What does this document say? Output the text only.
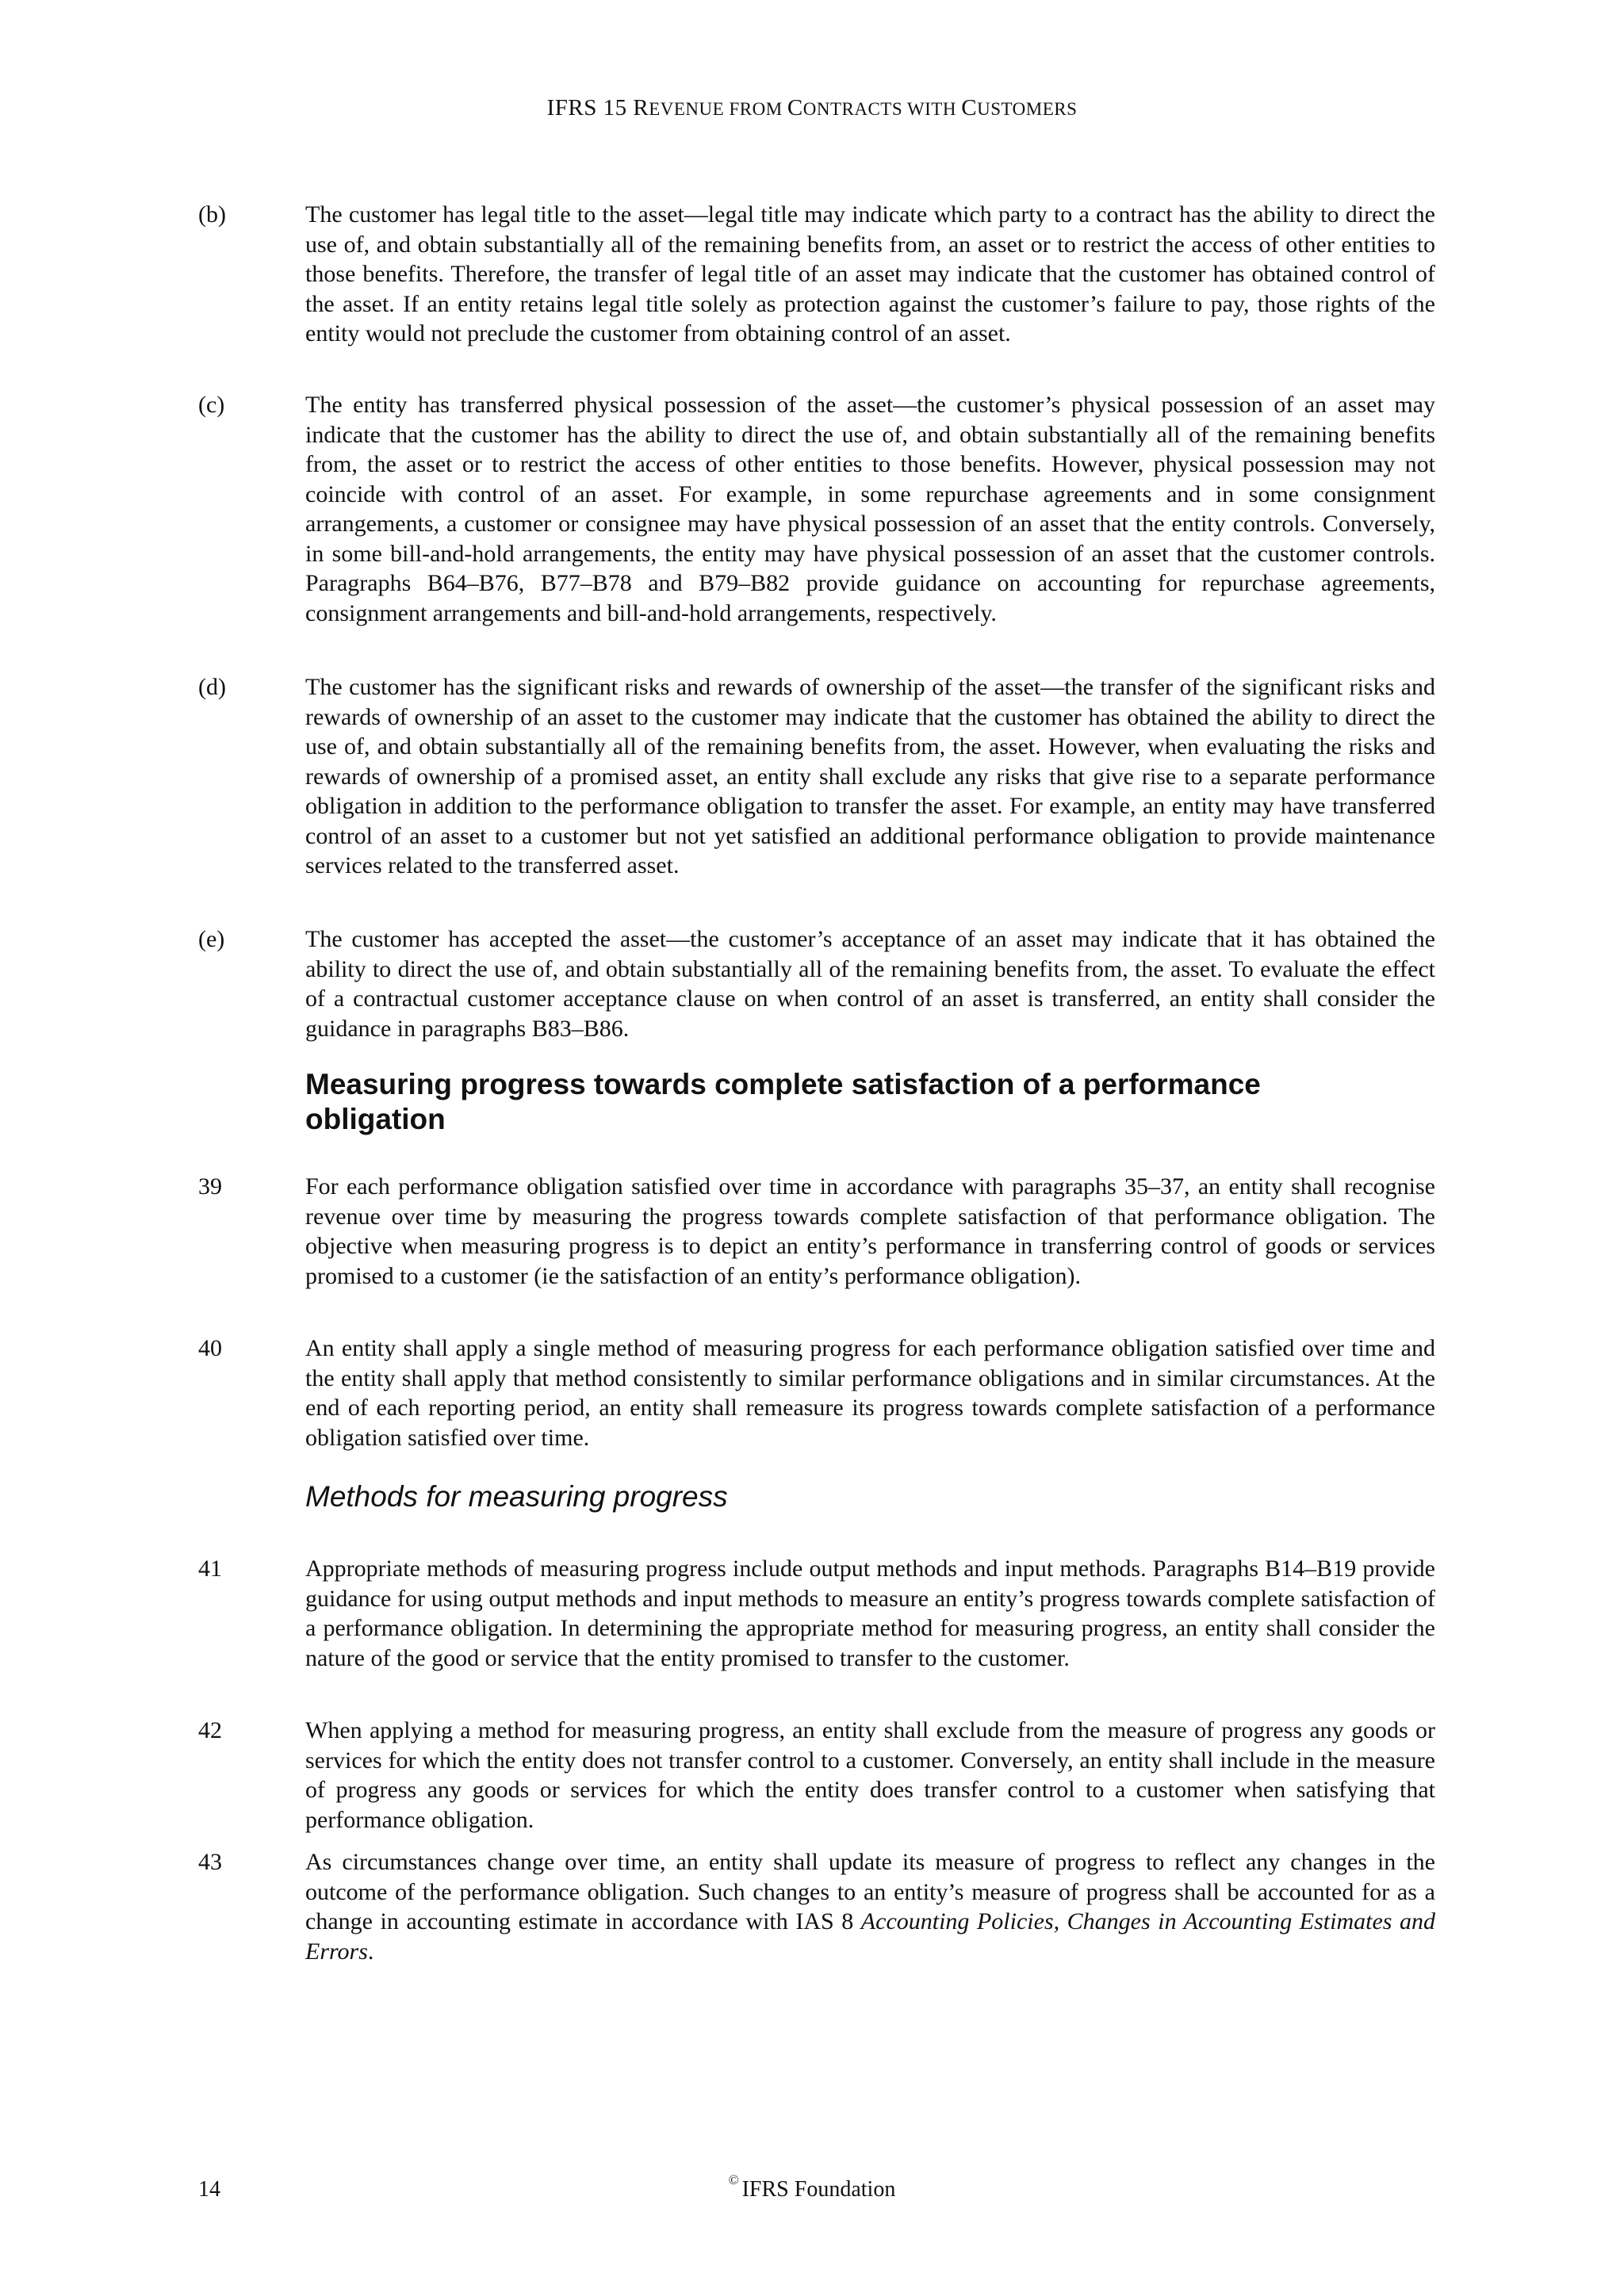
IFRS 15 REVENUE FROM CONTRACTS WITH CUSTOMERS
(b)	The customer has legal title to the asset—legal title may indicate which party to a contract has the ability to direct the use of, and obtain substantially all of the remaining benefits from, an asset or to restrict the access of other entities to those benefits. Therefore, the transfer of legal title of an asset may indicate that the customer has obtained control of the asset. If an entity retains legal title solely as protection against the customer’s failure to pay, those rights of the entity would not preclude the customer from obtaining control of an asset.
(c)	The entity has transferred physical possession of the asset—the customer’s physical possession of an asset may indicate that the customer has the ability to direct the use of, and obtain substantially all of the remaining benefits from, the asset or to restrict the access of other entities to those benefits. However, physical possession may not coincide with control of an asset. For example, in some repurchase agreements and in some consignment arrangements, a customer or consignee may have physical possession of an asset that the entity controls. Conversely, in some bill-and-hold arrangements, the entity may have physical possession of an asset that the customer controls. Paragraphs B64–B76, B77–B78 and B79–B82 provide guidance on accounting for repurchase agreements, consignment arrangements and bill-and-hold arrangements, respectively.
(d)	The customer has the significant risks and rewards of ownership of the asset—the transfer of the significant risks and rewards of ownership of an asset to the customer may indicate that the customer has obtained the ability to direct the use of, and obtain substantially all of the remaining benefits from, the asset. However, when evaluating the risks and rewards of ownership of a promised asset, an entity shall exclude any risks that give rise to a separate performance obligation in addition to the performance obligation to transfer the asset. For example, an entity may have transferred control of an asset to a customer but not yet satisfied an additional performance obligation to provide maintenance services related to the transferred asset.
(e)	The customer has accepted the asset—the customer’s acceptance of an asset may indicate that it has obtained the ability to direct the use of, and obtain substantially all of the remaining benefits from, the asset. To evaluate the effect of a contractual customer acceptance clause on when control of an asset is transferred, an entity shall consider the guidance in paragraphs B83–B86.
Measuring progress towards complete satisfaction of a performance obligation
39	For each performance obligation satisfied over time in accordance with paragraphs 35–37, an entity shall recognise revenue over time by measuring the progress towards complete satisfaction of that performance obligation. The objective when measuring progress is to depict an entity’s performance in transferring control of goods or services promised to a customer (ie the satisfaction of an entity’s performance obligation).
40	An entity shall apply a single method of measuring progress for each performance obligation satisfied over time and the entity shall apply that method consistently to similar performance obligations and in similar circumstances. At the end of each reporting period, an entity shall remeasure its progress towards complete satisfaction of a performance obligation satisfied over time.
Methods for measuring progress
41	Appropriate methods of measuring progress include output methods and input methods. Paragraphs B14–B19 provide guidance for using output methods and input methods to measure an entity’s progress towards complete satisfaction of a performance obligation. In determining the appropriate method for measuring progress, an entity shall consider the nature of the good or service that the entity promised to transfer to the customer.
42	When applying a method for measuring progress, an entity shall exclude from the measure of progress any goods or services for which the entity does not transfer control to a customer. Conversely, an entity shall include in the measure of progress any goods or services for which the entity does transfer control to a customer when satisfying that performance obligation.
43	As circumstances change over time, an entity shall update its measure of progress to reflect any changes in the outcome of the performance obligation. Such changes to an entity’s measure of progress shall be accounted for as a change in accounting estimate in accordance with IAS 8 Accounting Policies, Changes in Accounting Estimates and Errors.
14	© IFRS Foundation
